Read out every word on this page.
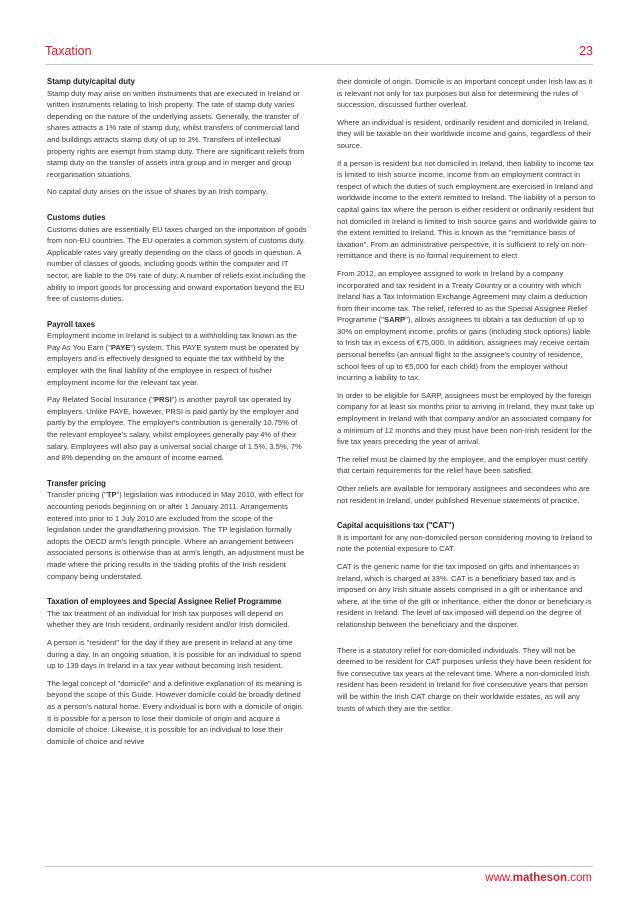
Taxation	23
Stamp duty/capital duty

Stamp duty may arise on written instruments that are executed in Ireland or written instruments relating to Irish property. The rate of stamp duty varies depending on the nature of the underlying assets. Generally, the transfer of shares attracts a 1% rate of stamp duty, whilst transfers of commercial land and buildings attracts stamp duty of up to 2%. Transfers of intellectual property rights are exempt from stamp duty. There are significant reliefs from stamp duty on the transfer of assets intra group and in merger and group reorganisation situations.

No capital duty arises on the issue of shares by an Irish company.

Customs duties

Customs duties are essentially EU taxes charged on the importation of goods from non-EU countries. The EU operates a common system of customs duty. Applicable rates vary greatly depending on the class of goods in question. A number of classes of goods, including goods within the computer and IT sector, are liable to the 0% rate of duty. A number of reliefs exist including the ability to import goods for processing and onward exportation beyond the EU free of customs duties.

Payroll taxes

Employment income in Ireland is subject to a withholding tax known as the Pay As You Earn ("PAYE") system. This PAYE system must be operated by employers and is effectively designed to equate the tax withheld by the employer with the final liability of the employee in respect of his/her employment income for the relevant tax year.

Pay Related Social Insurance ("PRSI") is another payroll tax operated by employers. Unlike PAYE, however, PRSI is paid partly by the employer and partly by the employee. The employer's contribution is generally 10.75% of the relevant employee's salary, whilst employees generally pay 4% of their salary. Employees will also pay a universal social charge of 1.5%, 3.5%, 7% and 8% depending on the amount of income earned.

Transfer pricing

Transfer pricing ("TP") legislation was introduced in May 2010, with effect for accounting periods beginning on or after 1 January 2011. Arrangements entered into prior to 1 July 2010 are excluded from the scope of the legislation under the grandfathering provision. The TP legislation formally adopts the OECD arm's length principle. Where an arrangement between associated persons is otherwise than at arm's length, an adjustment must be made where the pricing results in the trading profits of the Irish resident company being understated.

Taxation of employees and Special Assignee Relief Programme

The tax treatment of an individual for Irish tax purposes will depend on whether they are Irish resident, ordinarily resident and/or Irish domiciled.

A person is "resident" for the day if they are present in Ireland at any time during a day. In an ongoing situation, it is possible for an individual to spend up to 139 days in Ireland in a tax year without becoming Irish resident.

The legal concept of "domicile" and a definitive explanation of its meaning is beyond the scope of this Guide. However domicile could be broadly defined as a person's natural home. Every individual is born with a domicile of origin. It is possible for a person to lose their domicile of origin and acquire a domicile of choice. Likewise, it is possible for an individual to lose their domicile of choice and revive

their domicile of origin. Domicile is an important concept under Irish law as it is relevant not only for tax purposes but also for determining the rules of succession, discussed further overleaf.

Where an individual is resident, ordinarily resident and domiciled in Ireland, they will be taxable on their worldwide income and gains, regardless of their source.

If a person is resident but not domiciled in Ireland, then liability to income tax is limited to Irish source income, income from an employment contract in respect of which the duties of such employment are exercised in Ireland and worldwide income to the extent remitted to Ireland. The liability of a person to capital gains tax where the person is either resident or ordinarily resident but not domiciled in Ireland is limited to Irish source gains and worldwide gains to the extent remitted to Ireland. This is known as the "remittance basis of taxation". From an administrative perspective, it is sufficient to rely on non-remittance and there is no formal requirement to elect.

From 2012, an employee assigned to work in Ireland by a company incorporated and tax resident in a Treaty Country or a country with which Ireland has a Tax Information Exchange Agreement may claim a deduction from their income tax. The relief, referred to as the Special Assignee Relief Programme ("SARP"), allows assignees to obtain a tax deduction of up to 30% on employment income, profits or gains (including stock options) liable to Irish tax in excess of €75,000. In addition, assignees may receive certain personal benefits (an annual flight to the assignee's country of residence, school fees of up to €5,000 for each child) from the employer without incurring a liability to tax.

In order to be eligible for SARP, assignees must be employed by the foreign company for at least six months prior to arriving in Ireland, they must take up employment in Ireland with that company and/or an associated company for a minimum of 12 months and they must have been non-Irish resident for the five tax years preceding the year of arrival.

The relief must be claimed by the employee, and the employer must certify that certain requirements for the relief have been satisfied.

Other reliefs are available for temporary assignees and secondees who are not resident in Ireland, under published Revenue statements of practice.

Capital acquisitions tax ("CAT")

It is important for any non-domiciled person considering moving to Ireland to note the potential exposure to CAT.

CAT is the generic name for the tax imposed on gifts and inheritances in Ireland, which is charged at 33%. CAT is a beneficiary based tax and is imposed on any Irish situate assets comprised in a gift or inheritance and where, at the time of the gift or inheritance, either the donor or beneficiary is resident in Ireland. The level of tax imposed will depend on the degree of relationship between the beneficiary and the disponer.

There is a statutory relief for non-domiciled individuals. They will not be deemed to be resident for CAT purposes unless they have been resident for five consecutive tax years at the relevant time. Where a non-domiciled Irish resident has been resident in Ireland for five consecutive years that person will be within the Irish CAT charge on their worldwide estates, as will any trusts of which they are the settlor.

www.matheson.com
